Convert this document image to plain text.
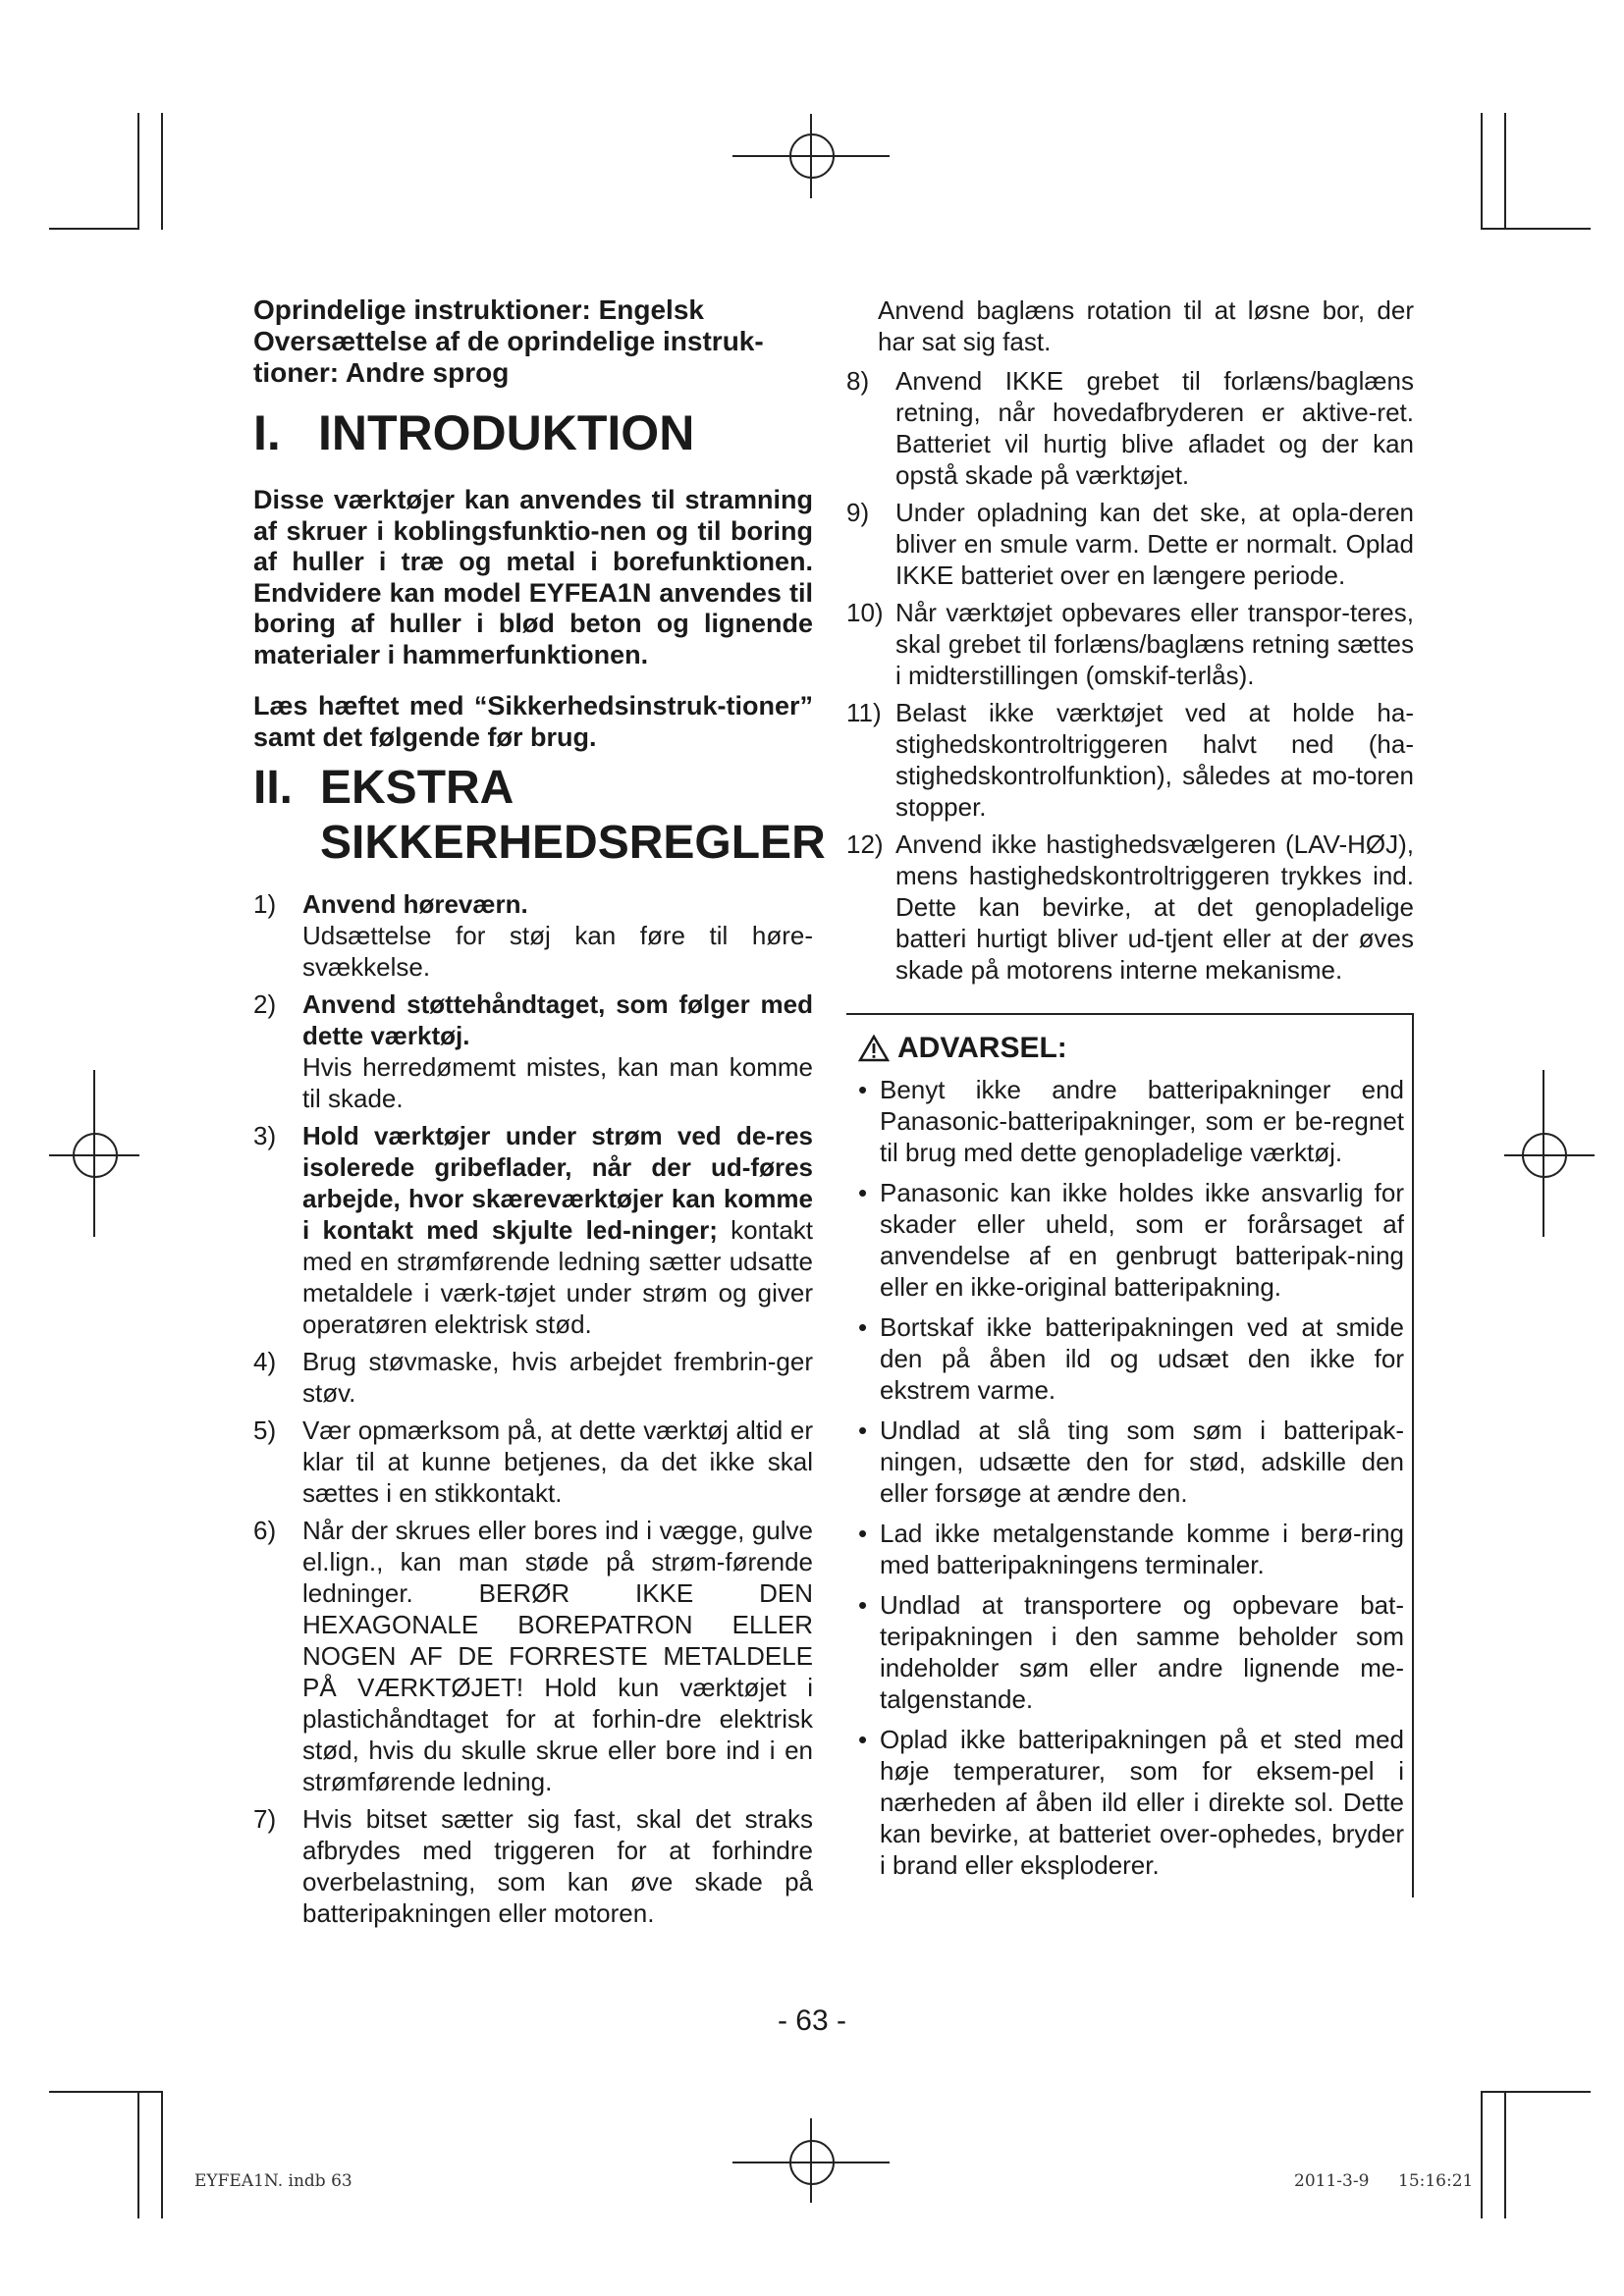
Oprindelige instruktioner: Engelsk
Oversættelse af de oprindelige instruk-
tioner: Andre sprog
I. INTRODUKTION

Disse værktøjer kan anvendes til stramning af skruer i koblingsfunktio-nen og til boring af huller i træ og metal i borefunktionen. Endvidere kan model EYFEA1N anvendes til boring af huller i blød beton og lignende materialer i hammerfunktionen.

Læs hæftet med “Sikkerhedsinstruk-tioner” samt det følgende før brug.

II. EKSTRA
SIKKERHEDSREGLER
1) Anvend høreværn.
Udsættelse for støj kan føre til høre-svækkelse.
2) Anvend støttehåndtaget, som følger med dette værktøj.
Hvis herredømemt mistes, kan man komme til skade.
3) Hold værktøjer under strøm ved de-res isolerede gribeflader, når der ud-føres arbejde, hvor skæreværktøjer kan komme i kontakt med skjulte led-ninger; kontakt med en strømførende ledning sætter udsatte metaldele i værk-tøjet under strøm og giver operatøren elektrisk stød.
4) Brug støvmaske, hvis arbejdet frembrin-ger støv.
5) Vær opmærksom på, at dette værktøj altid er klar til at kunne betjenes, da det ikke skal sættes i en stikkontakt.
6) Når der skrues eller bores ind i vægge, gulve el.lign., kan man støde på strøm-førende ledninger. BERØR IKKE DEN HEXAGONALE BOREPATRON ELLER NOGEN AF DE FORRESTE METALDELE PÅ VÆRKTØJET! Hold kun værktøjet i plastichåndtaget for at forhin-dre elektrisk stød, hvis du skulle skrue eller bore ind i en strømførende ledning.
7) Hvis bitset sætter sig fast, skal det straks afbrydes med triggeren for at forhindre overbelastning, som kan øve skade på batteripakningen eller motoren.

Anvend baglæns rotation til at løsne bor, der har sat sig fast.

8) Anvend IKKE grebet til forlæns/baglæns retning, når hovedafbryderen er aktive-ret. Batteriet vil hurtig blive afladet og der kan opstå skade på værktøjet.
9) Under opladning kan det ske, at opla-deren bliver en smule varm. Dette er normalt. Oplad IKKE batteriet over en længere periode.
10) Når værktøjet opbevares eller transpor-teres, skal grebet til forlæns/baglæns retning sættes i midterstillingen (omskif-terlås).
11) Belast ikke værktøjet ved at holde ha-stighedskontroltriggeren halvt ned (ha-stighedskontrolfunktion), således at mo-toren stopper.
12) Anvend ikke hastighedsvælgeren (LAV-HØJ), mens hastighedskontroltriggeren trykkes ind. Dette kan bevirke, at det genopladelige batteri hurtigt bliver ud-tjent eller at der øves skade på motorens interne mekanisme.
ADVARSEL:
• Benyt ikke andre batteripakninger end Panasonic-batteripakninger, som er be-regnet til brug med dette genopladelige værktøj.
• Panasonic kan ikke holdes ikke ansvarlig for skader eller uheld, som er forårsaget af anvendelse af en genbrugt batteripak-ning eller en ikke-original batteripakning.
• Bortskaf ikke batteripakningen ved at smide den på åben ild og udsæt den ikke for ekstrem varme.
• Undlad at slå ting som søm i batteripak-ningen, udsætte den for stød, adskille den eller forsøge at ændre den.
• Lad ikke metalgenstande komme i berø-ring med batteripakningens terminaler.
• Undlad at transportere og opbevare bat-teripakningen i den samme beholder som indeholder søm eller andre lignende me-talgenstande.
• Oplad ikke batteripakningen på et sted med høje temperaturer, som for eksem-pel i nærheden af åben ild eller i direkte sol. Dette kan bevirke, at batteriet over-ophedes, bryder i brand eller eksploderer.
- 63 -
EYFEA1N. indb 63	2011-3-9 15:16:21
